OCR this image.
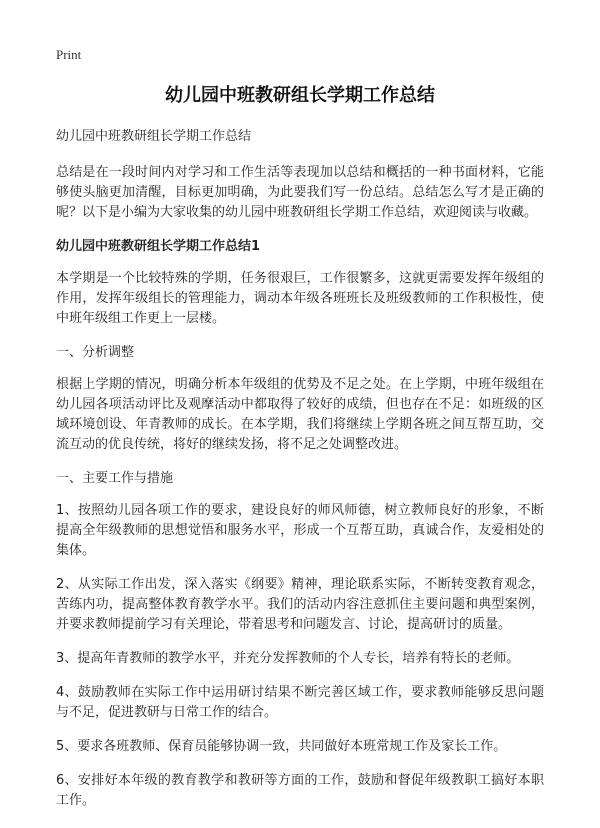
Print
幼儿园中班教研组长学期工作总结

幼儿园中班教研组长学期工作总结

总结是在一段时间内对学习和工作生活等表现加以总结和概括的一种书面材料，它能够使头脑更加清醒，目标更加明确，为此要我们写一份总结。总结怎么写才是正确的呢？以下是小编为大家收集的幼儿园中班教研组长学期工作总结，欢迎阅读与收藏。

幼儿园中班教研组长学期工作总结1

本学期是一个比较特殊的学期，任务很艰巨，工作很繁多，这就更需要发挥年级组的作用，发挥年级组长的管理能力，调动本年级各班班长及班级教师的工作积极性，使中班年级组工作更上一层楼。

一、分析调整

根据上学期的情况，明确分析本年级组的优势及不足之处。在上学期，中班年级组在幼儿园各项活动评比及观摩活动中都取得了较好的成绩，但也存在不足：如班级的区域环境创设、年青教师的成长。在本学期，我们将继续上学期各班之间互帮互助，交流互动的优良传统，将好的继续发扬，将不足之处调整改进。

一、主要工作与措施

1、按照幼儿园各项工作的要求，建设良好的师风师德，树立教师良好的形象，不断提高全年级教师的思想觉悟和服务水平，形成一个互帮互助，真诚合作，友爱相处的集体。

2、从实际工作出发，深入落实《纲要》精神，理论联系实际，不断转变教育观念，苦练内功，提高整体教育教学水平。我们的活动内容注意抓住主要问题和典型案例，并要求教师提前学习有关理论，带着思考和问题发言、讨论，提高研讨的质量。

3、提高年青教师的教学水平，并充分发挥教师的个人专长，培养有特长的老师。

4、鼓励教师在实际工作中运用研讨结果不断完善区域工作，要求教师能够反思问题与不足，促进教研与日常工作的结合。

5、要求各班教师、保育员能够协调一致，共同做好本班常规工作及家长工作。

6、安排好本年级的教育教学和教研等方面的工作，鼓励和督促年级教职工搞好本职工作。
